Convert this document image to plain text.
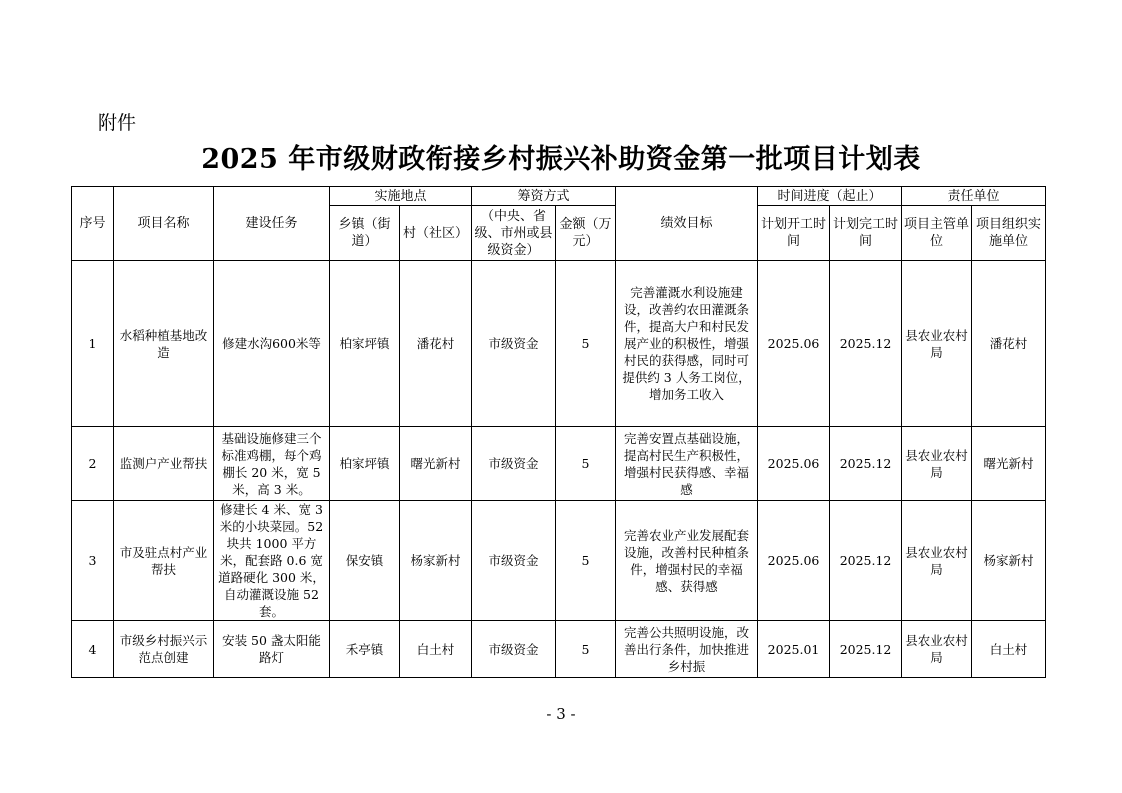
附件
2025 年市级财政衔接乡村振兴补助资金第一批项目计划表
序号	项目名称	建设任务	实施地点		筹资方式		绩效目标	时间进度（起止）		责任单位	
			乡镇（街道）	村（社区）	（中央、省级、市州或县级资金）	金额（万元）		计划开工时间	计划完工时间	项目主管单位	项目组织实施单位
1	水稻种植基地改造	修建水沟600米等	柏家坪镇	潘花村	市级资金	5	完善灌溉水利设施建设，改善约农田灌溉条件，提高大户和村民发展产业的积极性，增强村民的获得感，同时可提供约 3 人务工岗位，增加务工收入	2025.06	2025.12	县农业农村局	潘花村
2	监测户产业帮扶	基础设施修建三个标准鸡棚，每个鸡棚长 20 米，宽 5 米，高 3 米。	柏家坪镇	曙光新村	市级资金	5	完善安置点基础设施，提高村民生产积极性，增强村民获得感、幸福感	2025.06	2025.12	县农业农村局	曙光新村
3	市及驻点村产业帮扶	修建长 4 米、宽 3 米的小块菜园。52 块共 1000 平方米，配套路 0.6 宽道路硬化 300 米，自动灌溉设施 52 套。	保安镇	杨家新村	市级资金	5	完善农业产业发展配套设施，改善村民种植条件，增强村民的幸福感、获得感	2025.06	2025.12	县农业农村局	杨家新村
4	市级乡村振兴示范点创建	安装 50 盏太阳能路灯	禾亭镇	白土村	市级资金	5	完善公共照明设施，改善出行条件，加快推进乡村振	2025.01	2025.12	县农业农村局	白土村
- 3 -
